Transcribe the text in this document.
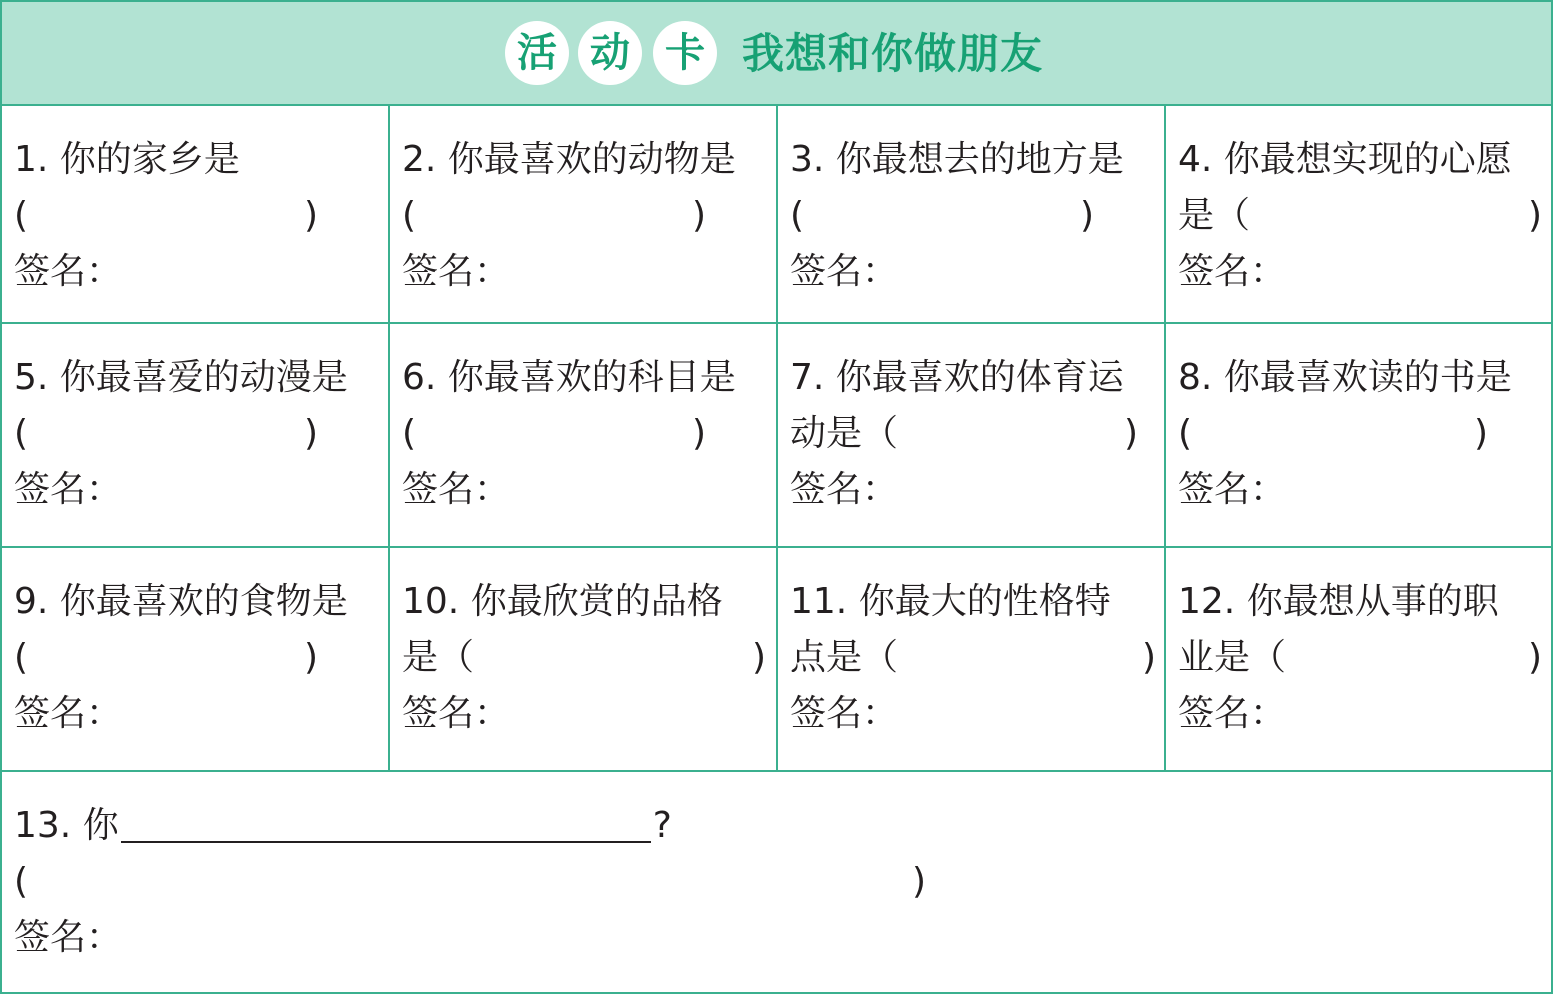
活 动 卡 我想和你做朋友
1. 你的家乡是
(	)
签名：
2. 你最喜欢的动物是
(	)
签名：
3. 你最想去的地方是
(	)
签名：
4. 你最想实现的心愿
是（	)
签名：
5. 你最喜爱的动漫是
(	)
签名：
6. 你最喜欢的科目是
(	)
签名：
7. 你最喜欢的体育运
动是（	)
签名：
8. 你最喜欢读的书是
(	)
签名：
9. 你最喜欢的食物是
(	)
签名：
10. 你最欣赏的品格
是（	)
签名：
11. 你最大的性格特
点是（	)
签名：
12. 你最想从事的职
业是（	)
签名：
13. 你	?
(	)
签名：
